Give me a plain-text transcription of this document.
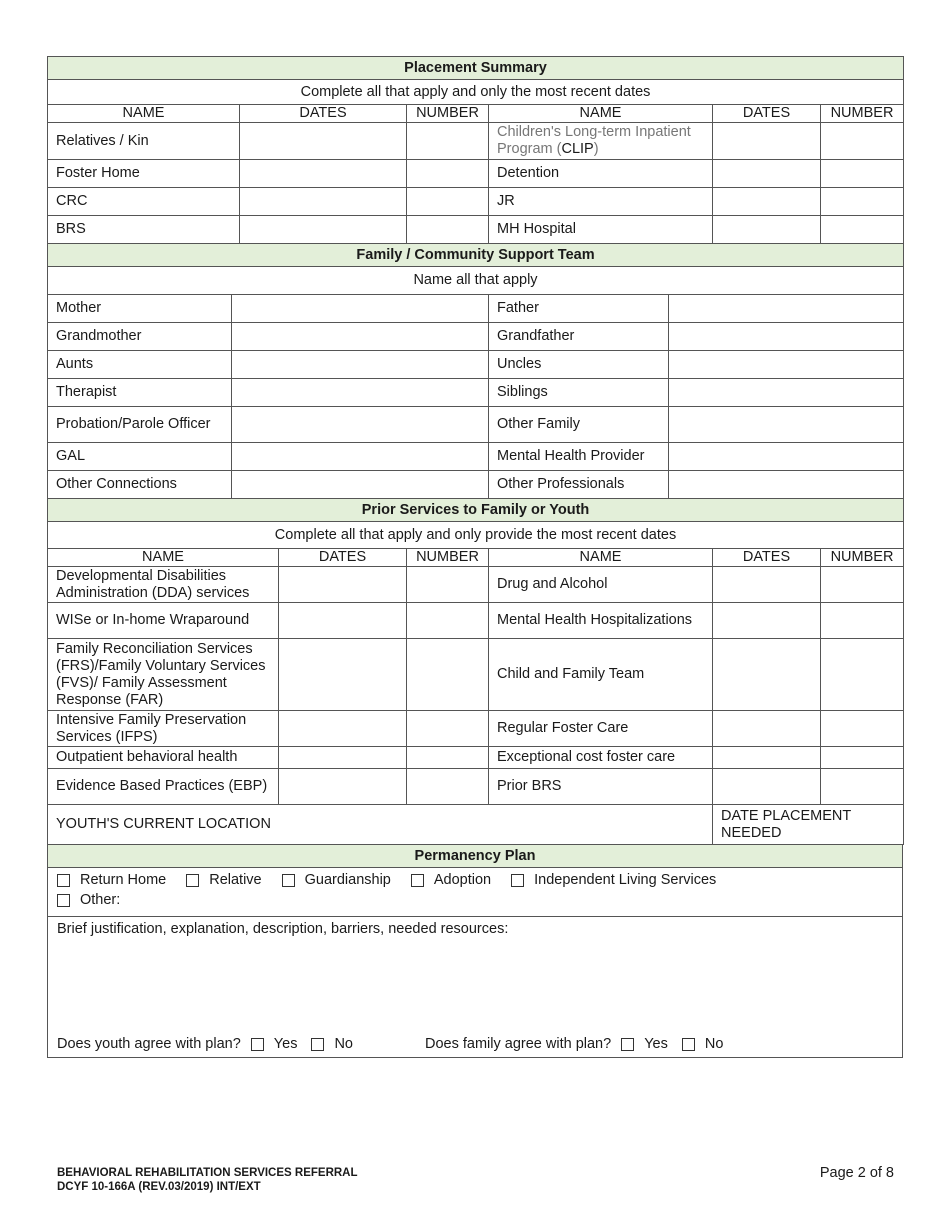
Placement Summary					
Complete all that apply and only the most recent dates					
NAME	DATES	NUMBER	NAME	DATES	NUMBER
Relatives / Kin			Children's Long-term Inpatient Program (CLIP)		
Foster Home			Detention		
CRC			JR		
BRS			MH Hospital		
Family / Community Support Team			
Name all that apply			
Mother		Father	
Grandmother		Grandfather	
Aunts		Uncles	
Therapist		Siblings	
Probation/Parole Officer		Other Family	
GAL		Mental Health Provider	
Other Connections		Other Professionals	
Prior Services to Family or Youth					
Complete all that apply and only provide the most recent dates					
NAME	DATES	NUMBER	NAME	DATES	NUMBER
Developmental Disabilities Administration (DDA) services			Drug and Alcohol		
WISe or In-home Wraparound			Mental Health Hospitalizations		
Family Reconciliation Services (FRS)/Family Voluntary Services (FVS)/ Family Assessment Response (FAR)			Child and Family Team		
Intensive Family Preservation Services (IFPS)			Regular Foster Care		
Outpatient behavioral health			Exceptional cost foster care		
Evidence Based Practices (EBP)			Prior BRS		
YOUTH'S CURRENT LOCATION				DATE PLACEMENT NEEDED	
Permanency Plan

Return Home	Relative	Guardianship	Adoption	Independent Living Services
Other:

Brief justification, explanation, description, barriers, needed resources:
Does youth agree with plan? Yes	No	Does family agree with plan? Yes	No
BEHAVIORAL REHABILITATION SERVICES REFERRAL
DCYF 10-166A (REV.03/2019) INT/EXT
Page 2 of 8
